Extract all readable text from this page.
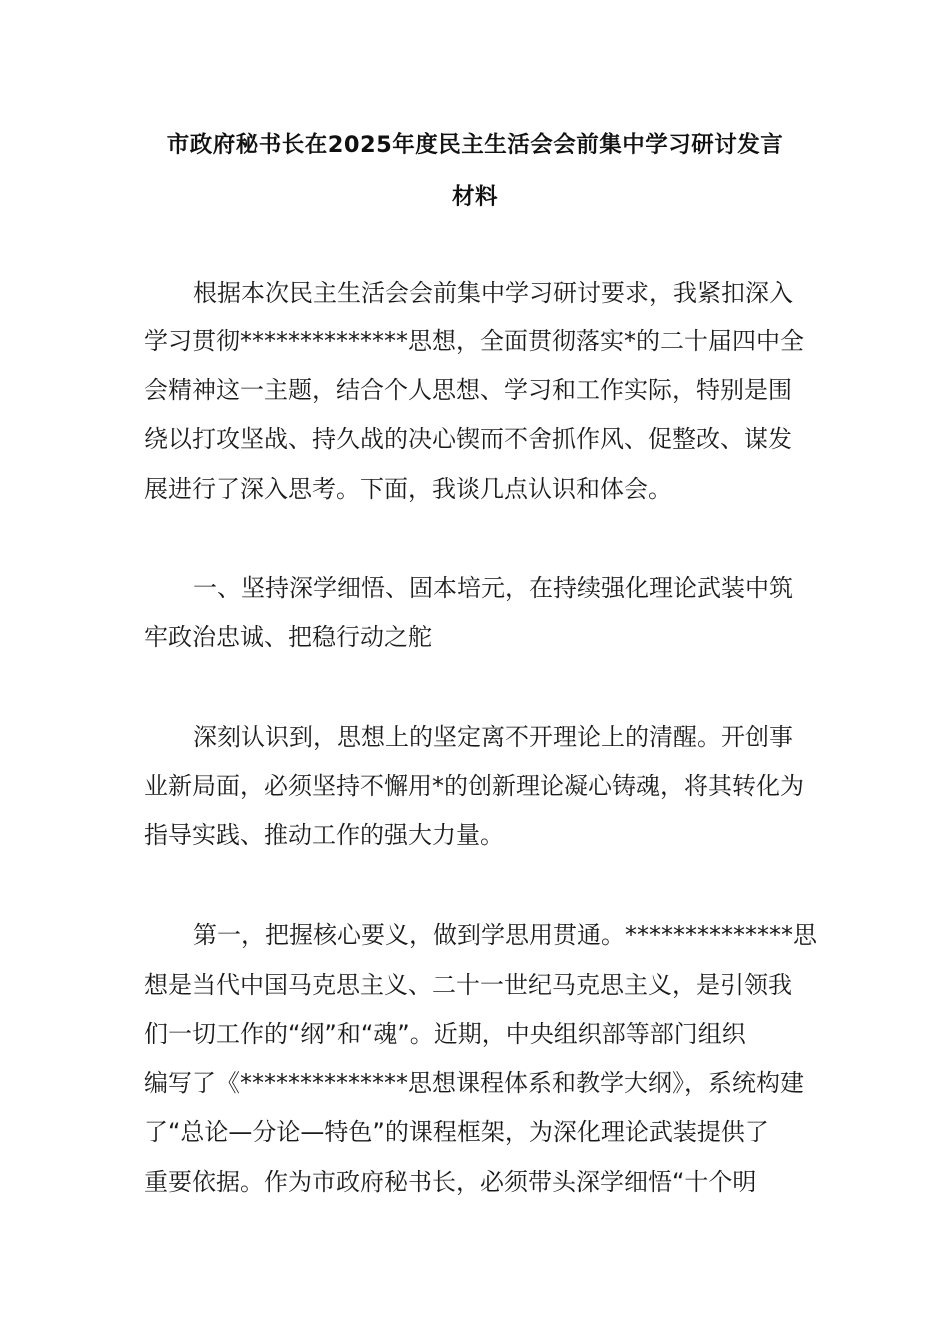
市政府秘书长在2025年度民主生活会会前集中学习研讨发言
材料
根据本次民主生活会会前集中学习研讨要求，我紧扣深入
学习贯彻**************思想，全面贯彻落实*的二十届四中全
会精神这一主题，结合个人思想、学习和工作实际，特别是围
绕以打攻坚战、持久战的决心锲而不舍抓作风、促整改、谋发
展进行了深入思考。下面，我谈几点认识和体会。
一、坚持深学细悟、固本培元，在持续强化理论武装中筑
牢政治忠诚、把稳行动之舵
深刻认识到，思想上的坚定离不开理论上的清醒。开创事
业新局面，必须坚持不懈用*的创新理论凝心铸魂，将其转化为
指导实践、推动工作的强大力量。
第一，把握核心要义，做到学思用贯通。**************思
想是当代中国马克思主义、二十一世纪马克思主义，是引领我
们一切工作的“纲”和“魂”。近期，中央组织部等部门组织
编写了《**************思想课程体系和教学大纲》，系统构建
了“总论—分论—特色”的课程框架，为深化理论武装提供了
重要依据。作为市政府秘书长，必须带头深学细悟“十个明
